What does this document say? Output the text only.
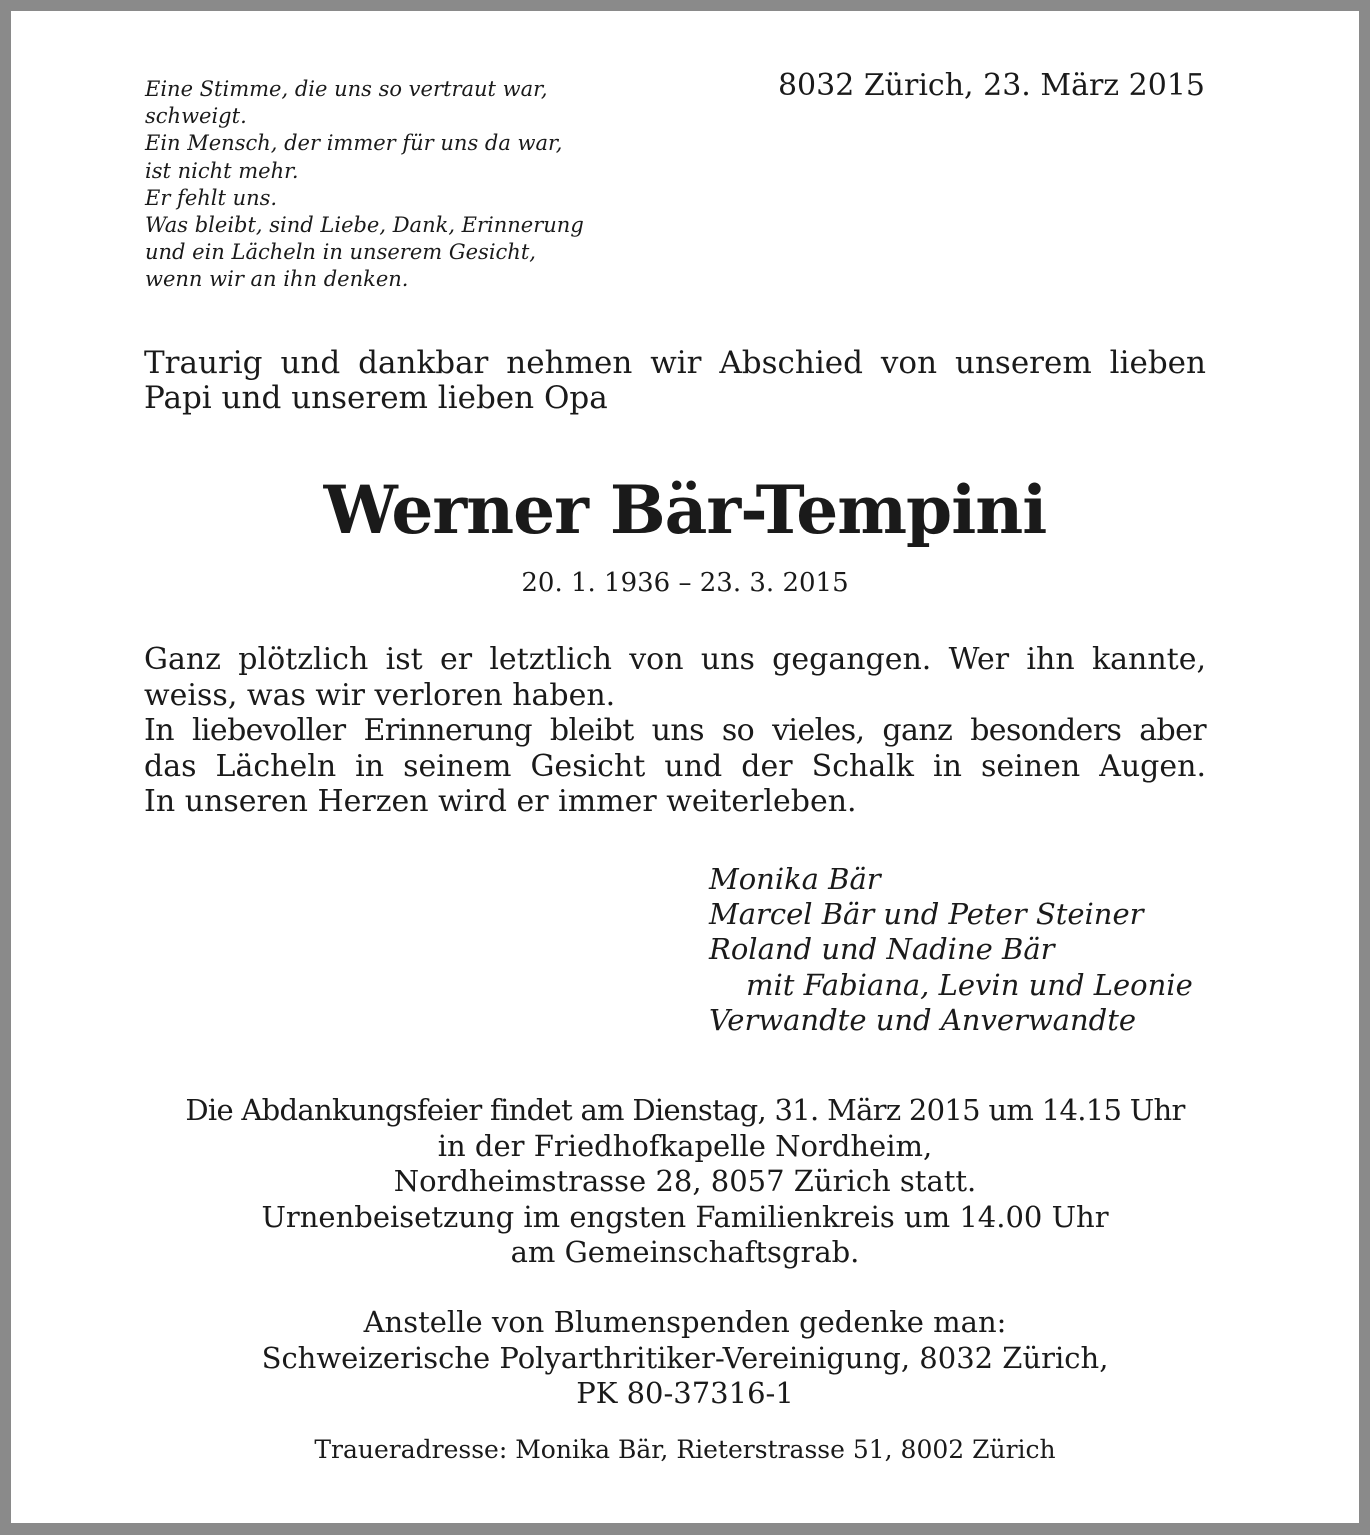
Eine Stimme, die uns so vertraut war,
schweigt.
Ein Mensch, der immer für uns da war,
ist nicht mehr.
Er fehlt uns.
Was bleibt, sind Liebe, Dank, Erinnerung
und ein Lächeln in unserem Gesicht,
wenn wir an ihn denken.
8032 Zürich, 23. März 2015
Traurig und dankbar nehmen wir Abschied von unserem lieben
Papi und unserem lieben Opa
Werner Bär-Tempini
20. 1. 1936 – 23. 3. 2015
Ganz plötzlich ist er letztlich von uns gegangen. Wer ihn kannte,
weiss, was wir verloren haben.
In liebevoller Erinnerung bleibt uns so vieles, ganz besonders aber
das Lächeln in seinem Gesicht und der Schalk in seinen Augen.
In unseren Herzen wird er immer weiterleben.
Monika Bär
Marcel Bär und Peter Steiner
Roland und Nadine Bär
mit Fabiana, Levin und Leonie
Verwandte und Anverwandte
Die Abdankungsfeier findet am Dienstag, 31. März 2015 um 14.15 Uhr
in der Friedhofkapelle Nordheim,
Nordheimstrasse 28, 8057 Zürich statt.
Urnenbeisetzung im engsten Familienkreis um 14.00 Uhr
am Gemeinschaftsgrab.
Anstelle von Blumenspenden gedenke man:
Schweizerische Polyarthritiker-Vereinigung, 8032 Zürich,
PK 80-37316-1
Traueradresse: Monika Bär, Rieterstrasse 51, 8002 Zürich
